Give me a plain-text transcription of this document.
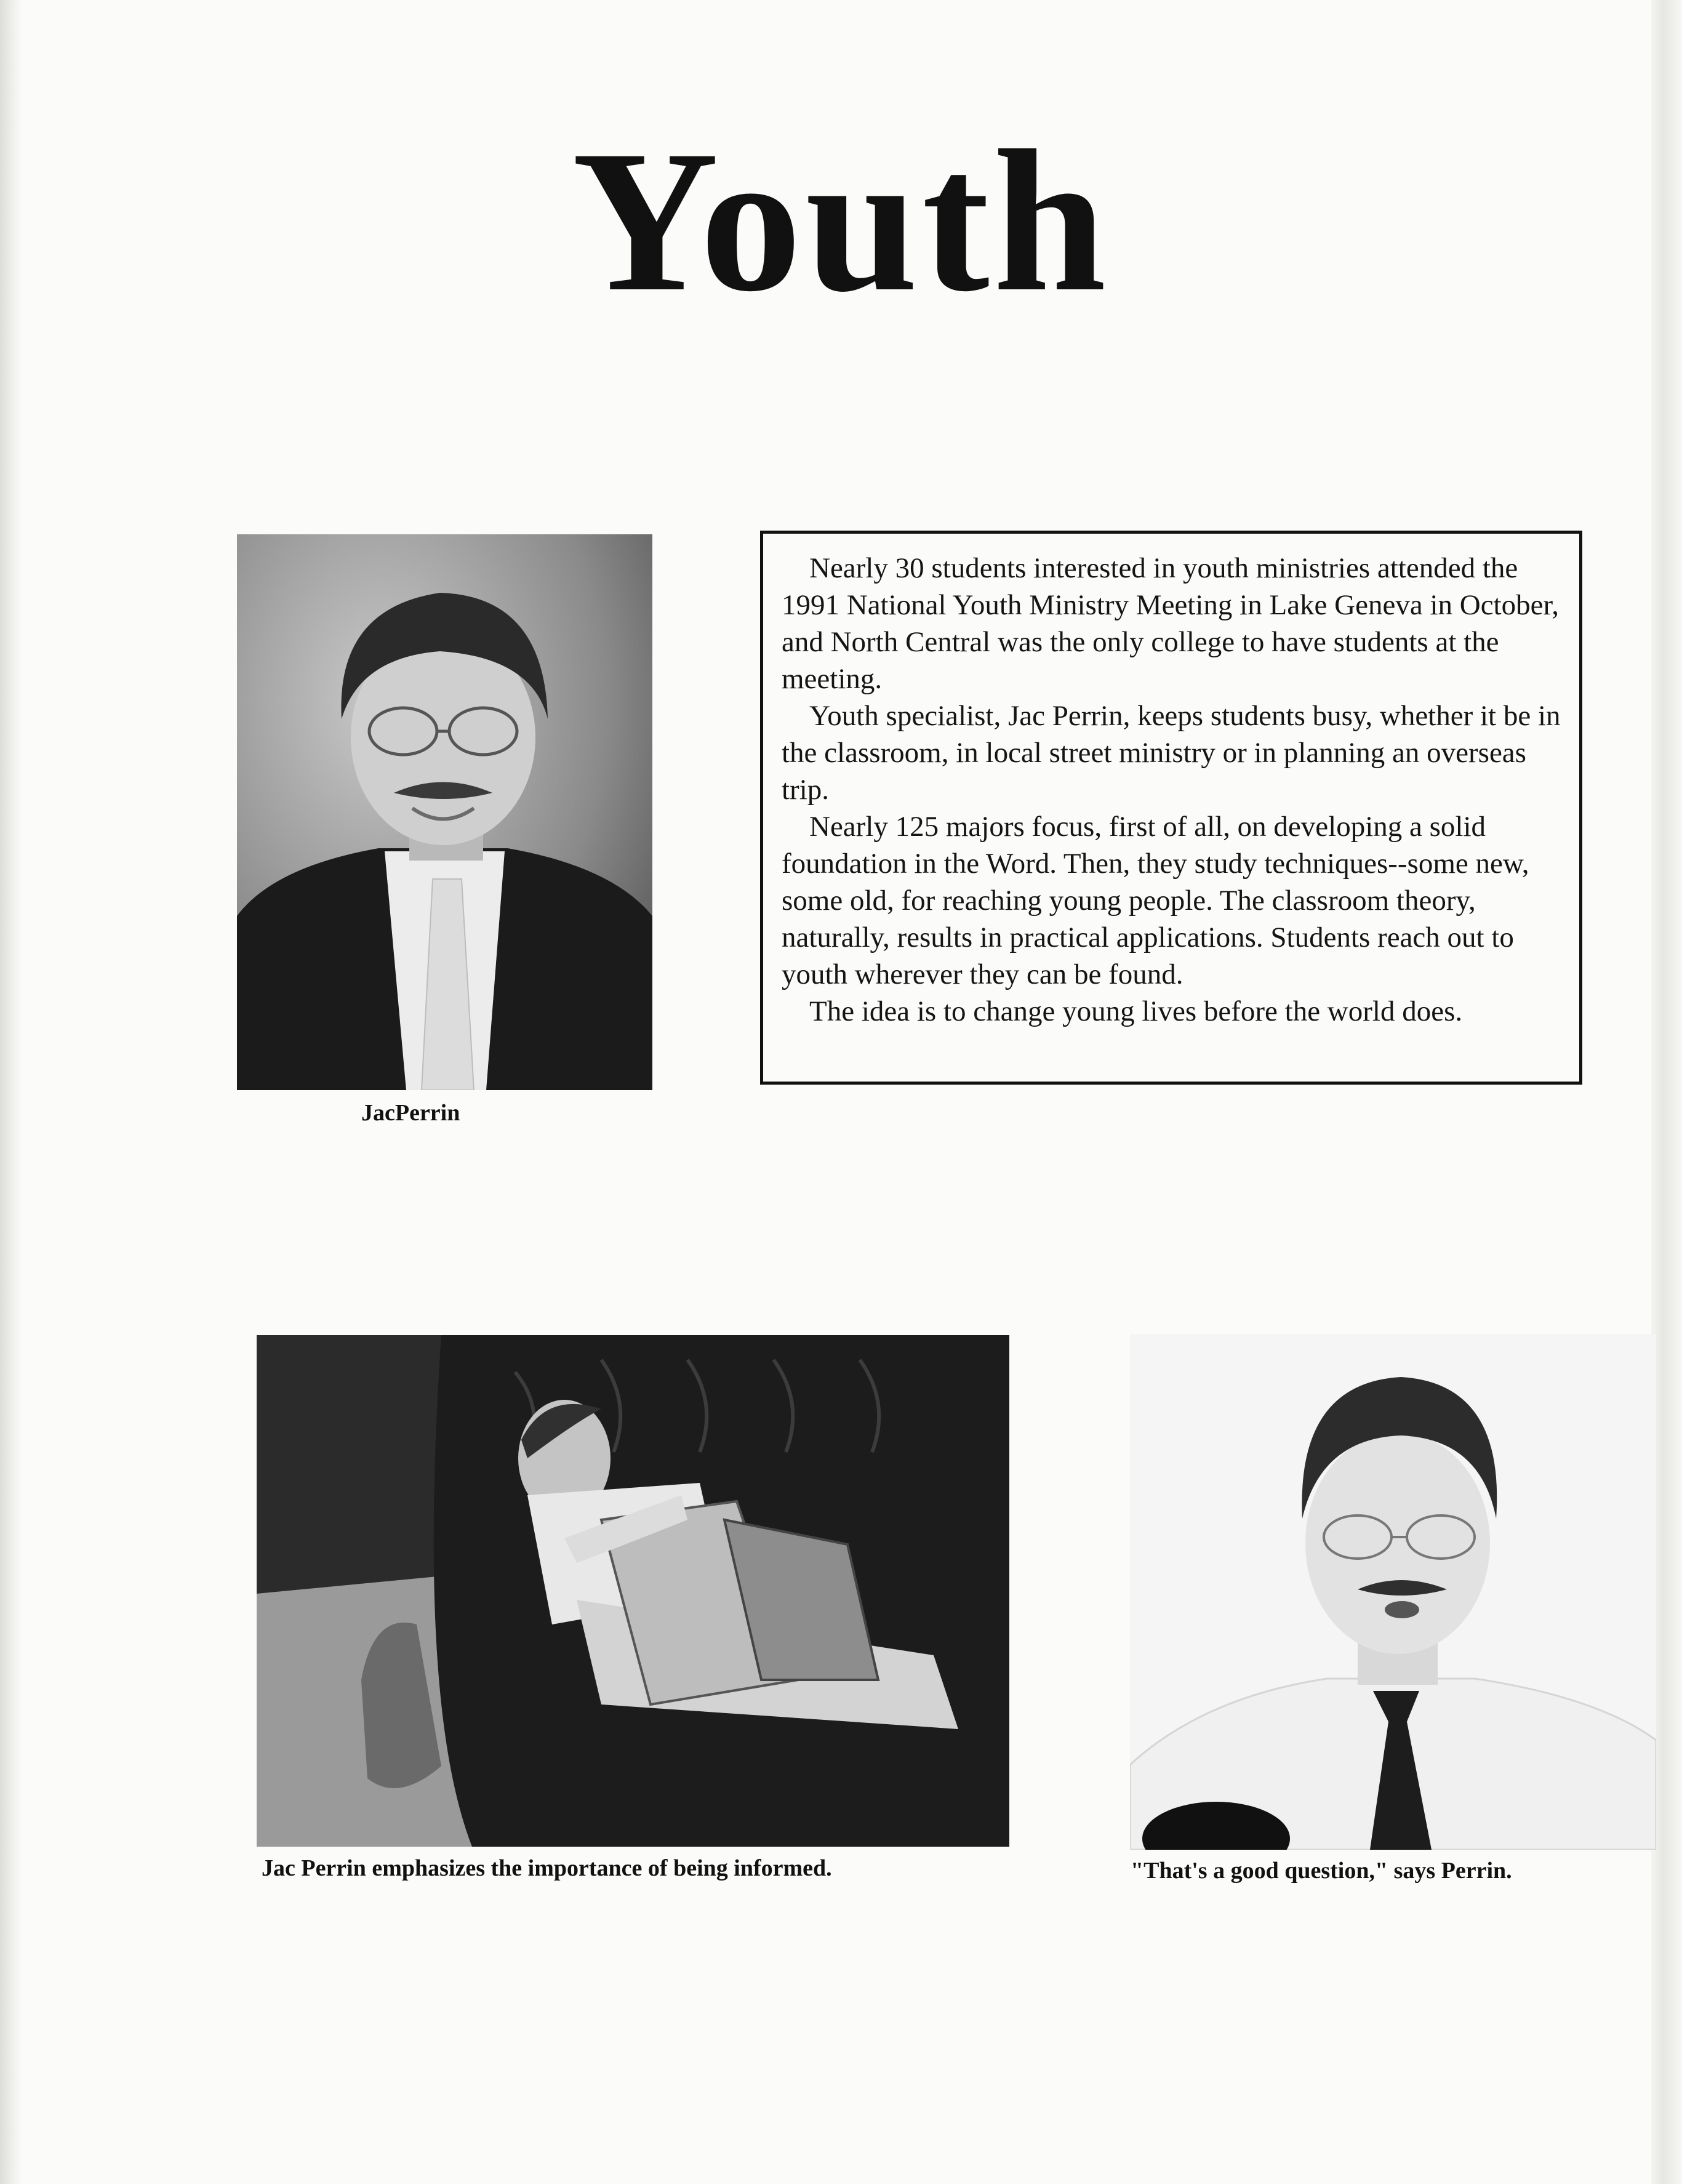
Youth
JacPerrin

Nearly 30 students interested in youth ministries attended the 1991 National Youth Ministry Meeting in Lake Geneva in October, and North Central was the only college to have students at the meeting.

Youth specialist, Jac Perrin, keeps students busy, whether it be in the classroom, in local street ministry or in planning an overseas trip.

Nearly 125 majors focus, first of all, on developing a solid foundation in the Word. Then, they study techniques--some new, some old, for reaching young people. The classroom theory, naturally, results in practical applications. Students reach out to youth wherever they can be found.

The idea is to change young lives before the world does.

Jac Perrin emphasizes the importance of being informed.	"That's a good question," says Perrin.
